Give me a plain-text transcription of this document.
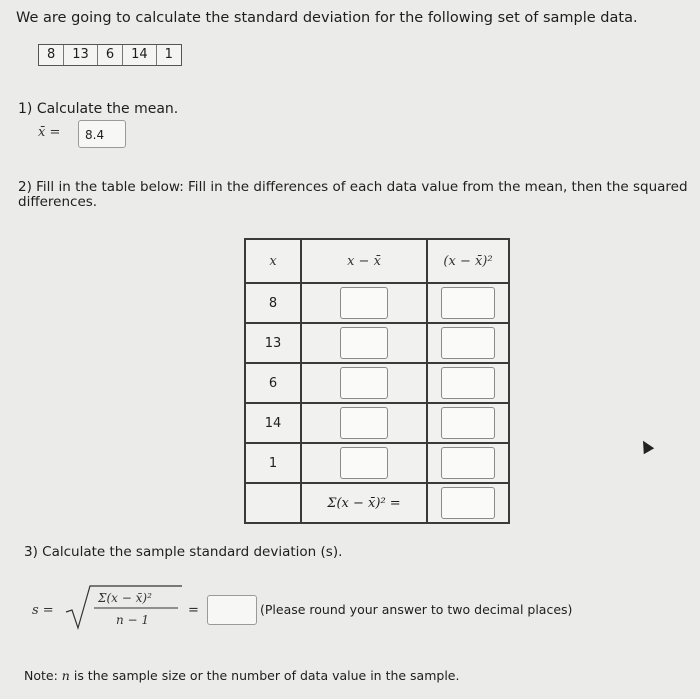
We are going to calculate the standard deviation for the following set of sample data.
8	13	6	14	1
1) Calculate the mean.
x̄ =	8.4
2) Fill in the table below: Fill in the differences of each data value from the mean, then the squared differences.
x	x − x̄	(x − x̄)²
8		
13		
6		
14		
1		
	Σ(x − x̄)² =	
3) Calculate the sample standard deviation (s).
s =
Σ(x − x̄)²
n − 1
=	(Please round your answer to two decimal places)
Note: n is the sample size or the number of data value in the sample.
